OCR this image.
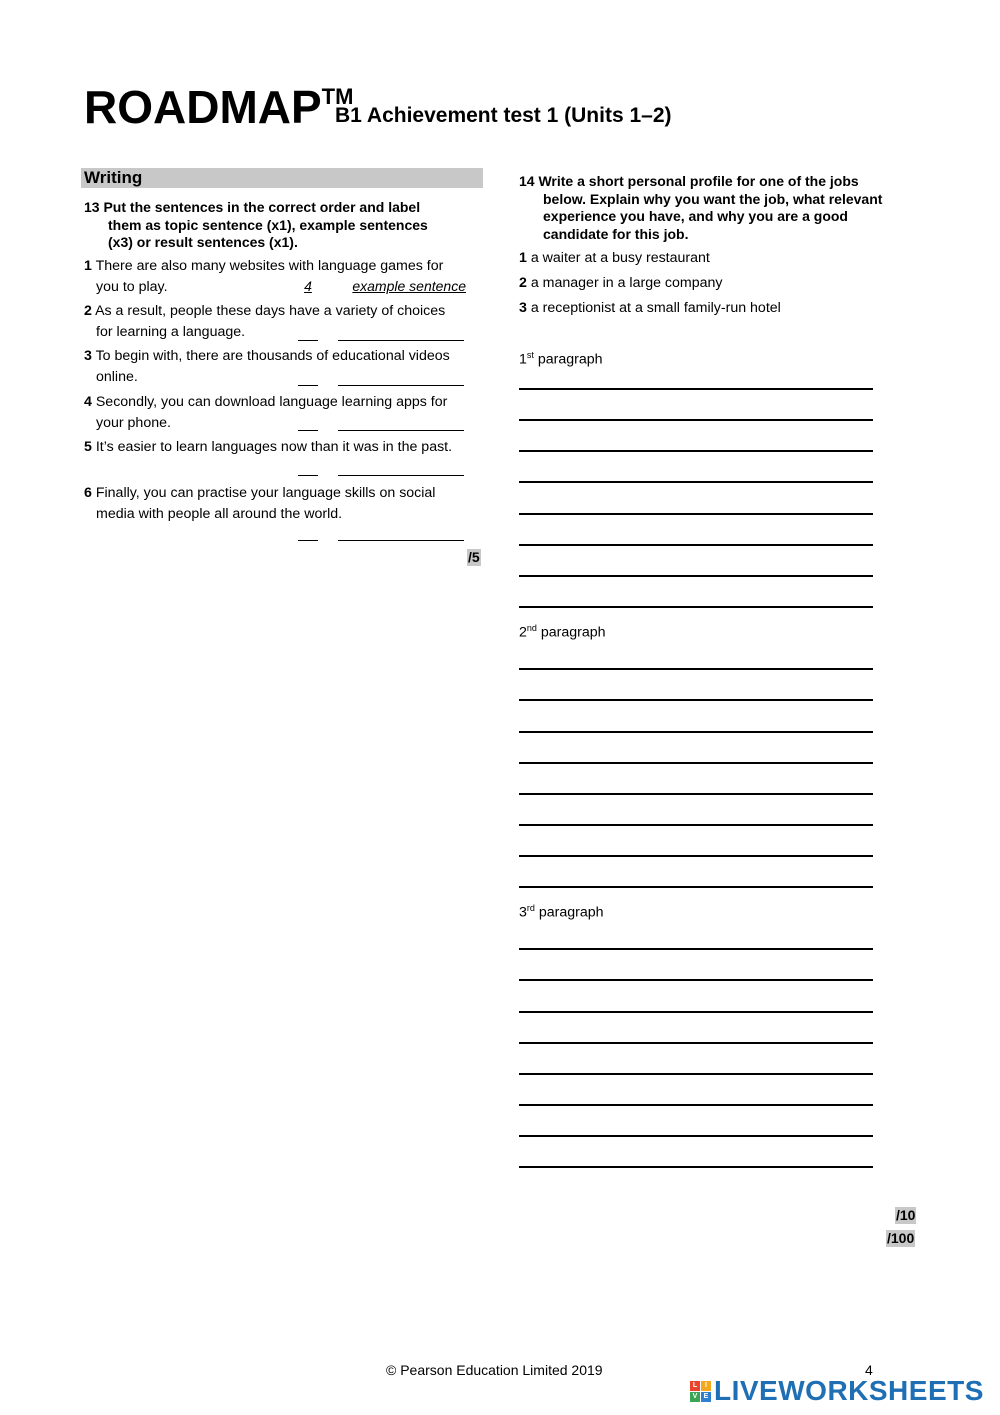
ROADMAP™
B1 Achievement test 1 (Units 1–2)
Writing
13 Put the sentences in the correct order and label
them as topic sentence (x1), example sentences
(x3) or result sentences (x1).
1 There are also many websites with language games for
you to play.	4	example sentence
2 As a result, people these days have a variety of choices
for learning a language.
3 To begin with, there are thousands of educational videos
online.
4 Secondly, you can download language learning apps for
your phone.
5 It’s easier to learn languages now than it was in the past.
6 Finally, you can practise your language skills on social
media with people all around the world.
/5
14 Write a short personal profile for one of the jobs
below. Explain why you want the job, what relevant
experience you have, and why you are a good
candidate for this job.
1 a waiter at a busy restaurant
2 a manager in a large company
3 a receptionist at a small family-run hotel
1st paragraph
2nd paragraph
3rd paragraph
/10
/100
© Pearson Education Limited 2019	4
L	I
V E LIVEWORKSHEETS
